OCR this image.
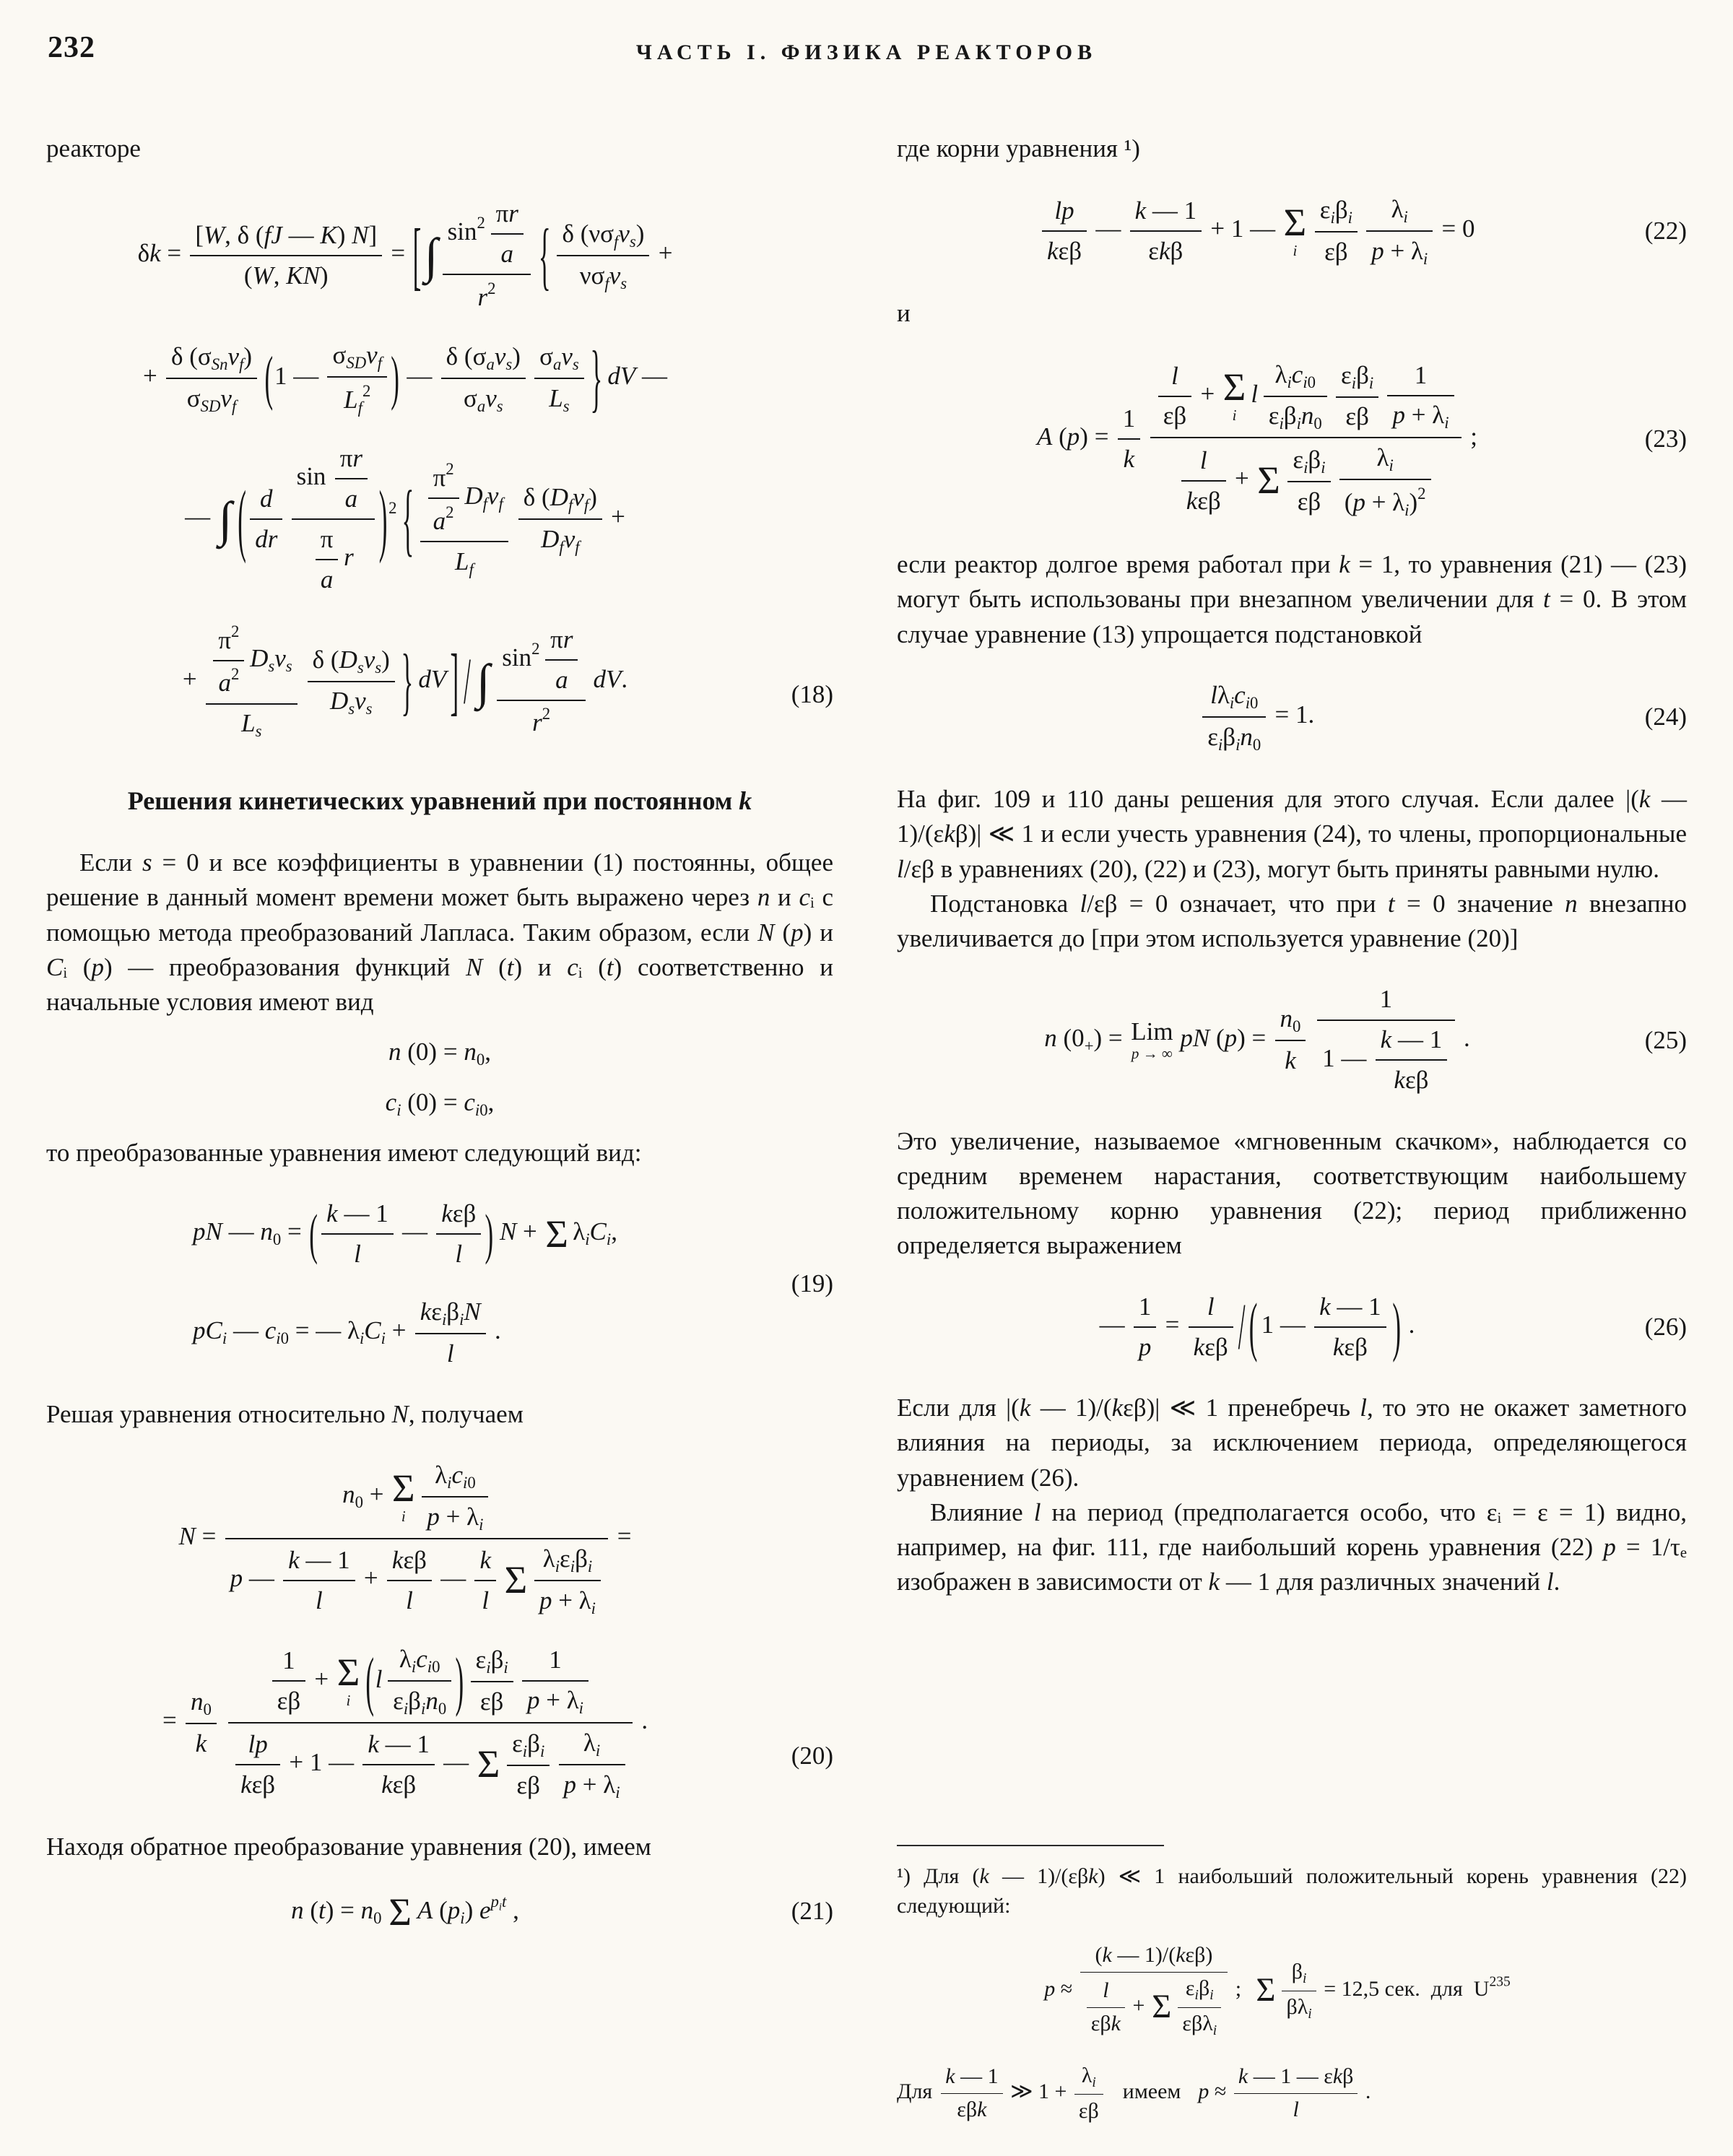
232	ЧАСТЬ I. ФИЗИКА РЕАКТОРОВ

реакторе

$\delta k = \frac{[W, \delta (fJ — K) N]}{(W, KN)}$ = [∫ $\sin^2 \frac{\pi r}{a}$
$r^2$	{ δ (νσfvs)
νσfvs
+
+
δ (σSnvf)
σSDvf	(1 —
σSDvf
Lf$^2$ ) —
δ (σavs)
σavs
σavs
Ls } dV —
— ∫ ( $\frac{d}{dr}$
$\sin \frac{\pi r}{a}$
$\frac{\pi}{a}$ r )$^2$ { $\frac{\pi^2}{a^2}$ Dfvf
Lf
δ (Dfvf)
Dfvf
+
+ $\frac{\pi^2}{a^2}$ Dsvs
Ls
δ (Dsvs)
Dsvs	} dV ] / ∫ $\sin^2 \frac{\pi r}{a}$
$r^2$
dV.
(18)
Решения кинетических уравнений при постоянном k

Если s = 0 и все коэффициенты в уравнении (1) постоянны, общее решение в данный момент времени может быть выражено через n и cᵢ с помощью метода преобразований Лапласа. Таким образом, если N (p) и Cᵢ (p) — преобразования функций N (t) и cᵢ (t) соответственно и начальные условия имеют вид

n (0) = n0,
ci (0) = ci0,

то преобразованные уравнения имеют следующий вид:

pN — n0 = ( $\frac{k — 1}{l}$ —
kεβ
l ) N + Σ λiCi,
pCi — ci0 = — λiCi +
kεiβiN
l
.
(19)

Решая уравнения относительно N, получаем

N =
n0 + Σ
i
λici0
p + λi
p — $\frac{k — 1}{l}$ +
kεβ
l
— $\frac{k}{l}$ Σ λiεiβi
p + λi
=
= $\frac{n0}{k}$
$\frac{1}{\varepsilon\beta} + \Sigma$
i (l
λici0
εiβin0 ) εiβi
εβ $\frac{1}{p + \lambda i}$
lp
kεβ
+ 1 —
k — 1
kεβ
— Σ εiβi
εβ $\frac{\lambda i}{p + \lambda i}$
.
(20)

Находя обратное преобразование уравнения (20), имеем

n (t) = n0 Σ A (pi) $e^{pit}$ ,	(21)

где корни уравнения ¹)

lp
kεβ
—
k — 1
εkβ
+ 1 — Σ
i
εiβi
εβ $\frac{\lambda i}{p + \lambda i} = 0$	(22)

и

A $(p) = \frac{1}{k}$
$\frac{l}{\varepsilon\beta} + \Sigma$
i
l
λici0
εiβin0
εiβi
εβ $\frac{1}{p + \lambda i}$
l
kεβ
+ Σ εiβi
εβ $\frac{\lambda i}{(p + \lambda i)^2}$
;	(23)

если реактор долгое время работал при k = 1, то уравнения (21) — (23) могут быть использованы при внезапном увеличении для t = 0. В этом случае уравнение (13) упрощается подстановкой

lλici0
εiβin0
= 1.	(24)

На фиг. 109 и 110 даны решения для этого случая. Если далее |(k — 1)/(εkβ)| ≪ 1 и если учесть уравнения (24), то члены, пропорциональные l/εβ в уравнениях (20), (22) и (23), могут быть приняты равными нулю.

Подстановка l/εβ = 0 означает, что при t = 0 значение n внезапно увеличивается до [при этом используется уравнение (20)]

n (0+) = Lim
p → ∞
pN $(p) = \frac{n0}{k}$
1
1 —
k — 1
kεβ
.	(25)

Это увеличение, называемое «мгновенным скачком», наблюдается со средним временем нарастания, соответствующим наибольшему положительному корню уравнения (22); период приближенно определяется выражением

— $\frac{1}{p}$ =
l
kεβ / ( 1 —
k — 1
kεβ ) .	(26)

Если для |(k — 1)/(kεβ)| ≪ 1 пренебречь l, то это не окажет заметного влияния на периоды, за исключением периода, определяющегося уравнением (26).

Влияние l на период (предполагается особо, что εᵢ = ε = 1) видно, например, на фиг. 111, где наибольший корень уравнения (22) p = 1/τₑ изображен в зависимости от k — 1 для различных значений l.

¹) Для (k — 1)/(εβk) ≪ 1 наибольший положительный корень уравнения (22) следующий:

p ≈
(k — 1)/(kεβ)
l
εβk
+ Σ
εiβi
εβλi
; Σ
βi
βλi
= 12,5 сек. для $U^{235}$
Для
k — 1
εβk
≫ $1 + \frac{\lambda i}{\varepsilon\beta}$ имеем p ≈
k — 1 — εkβ
l
.
